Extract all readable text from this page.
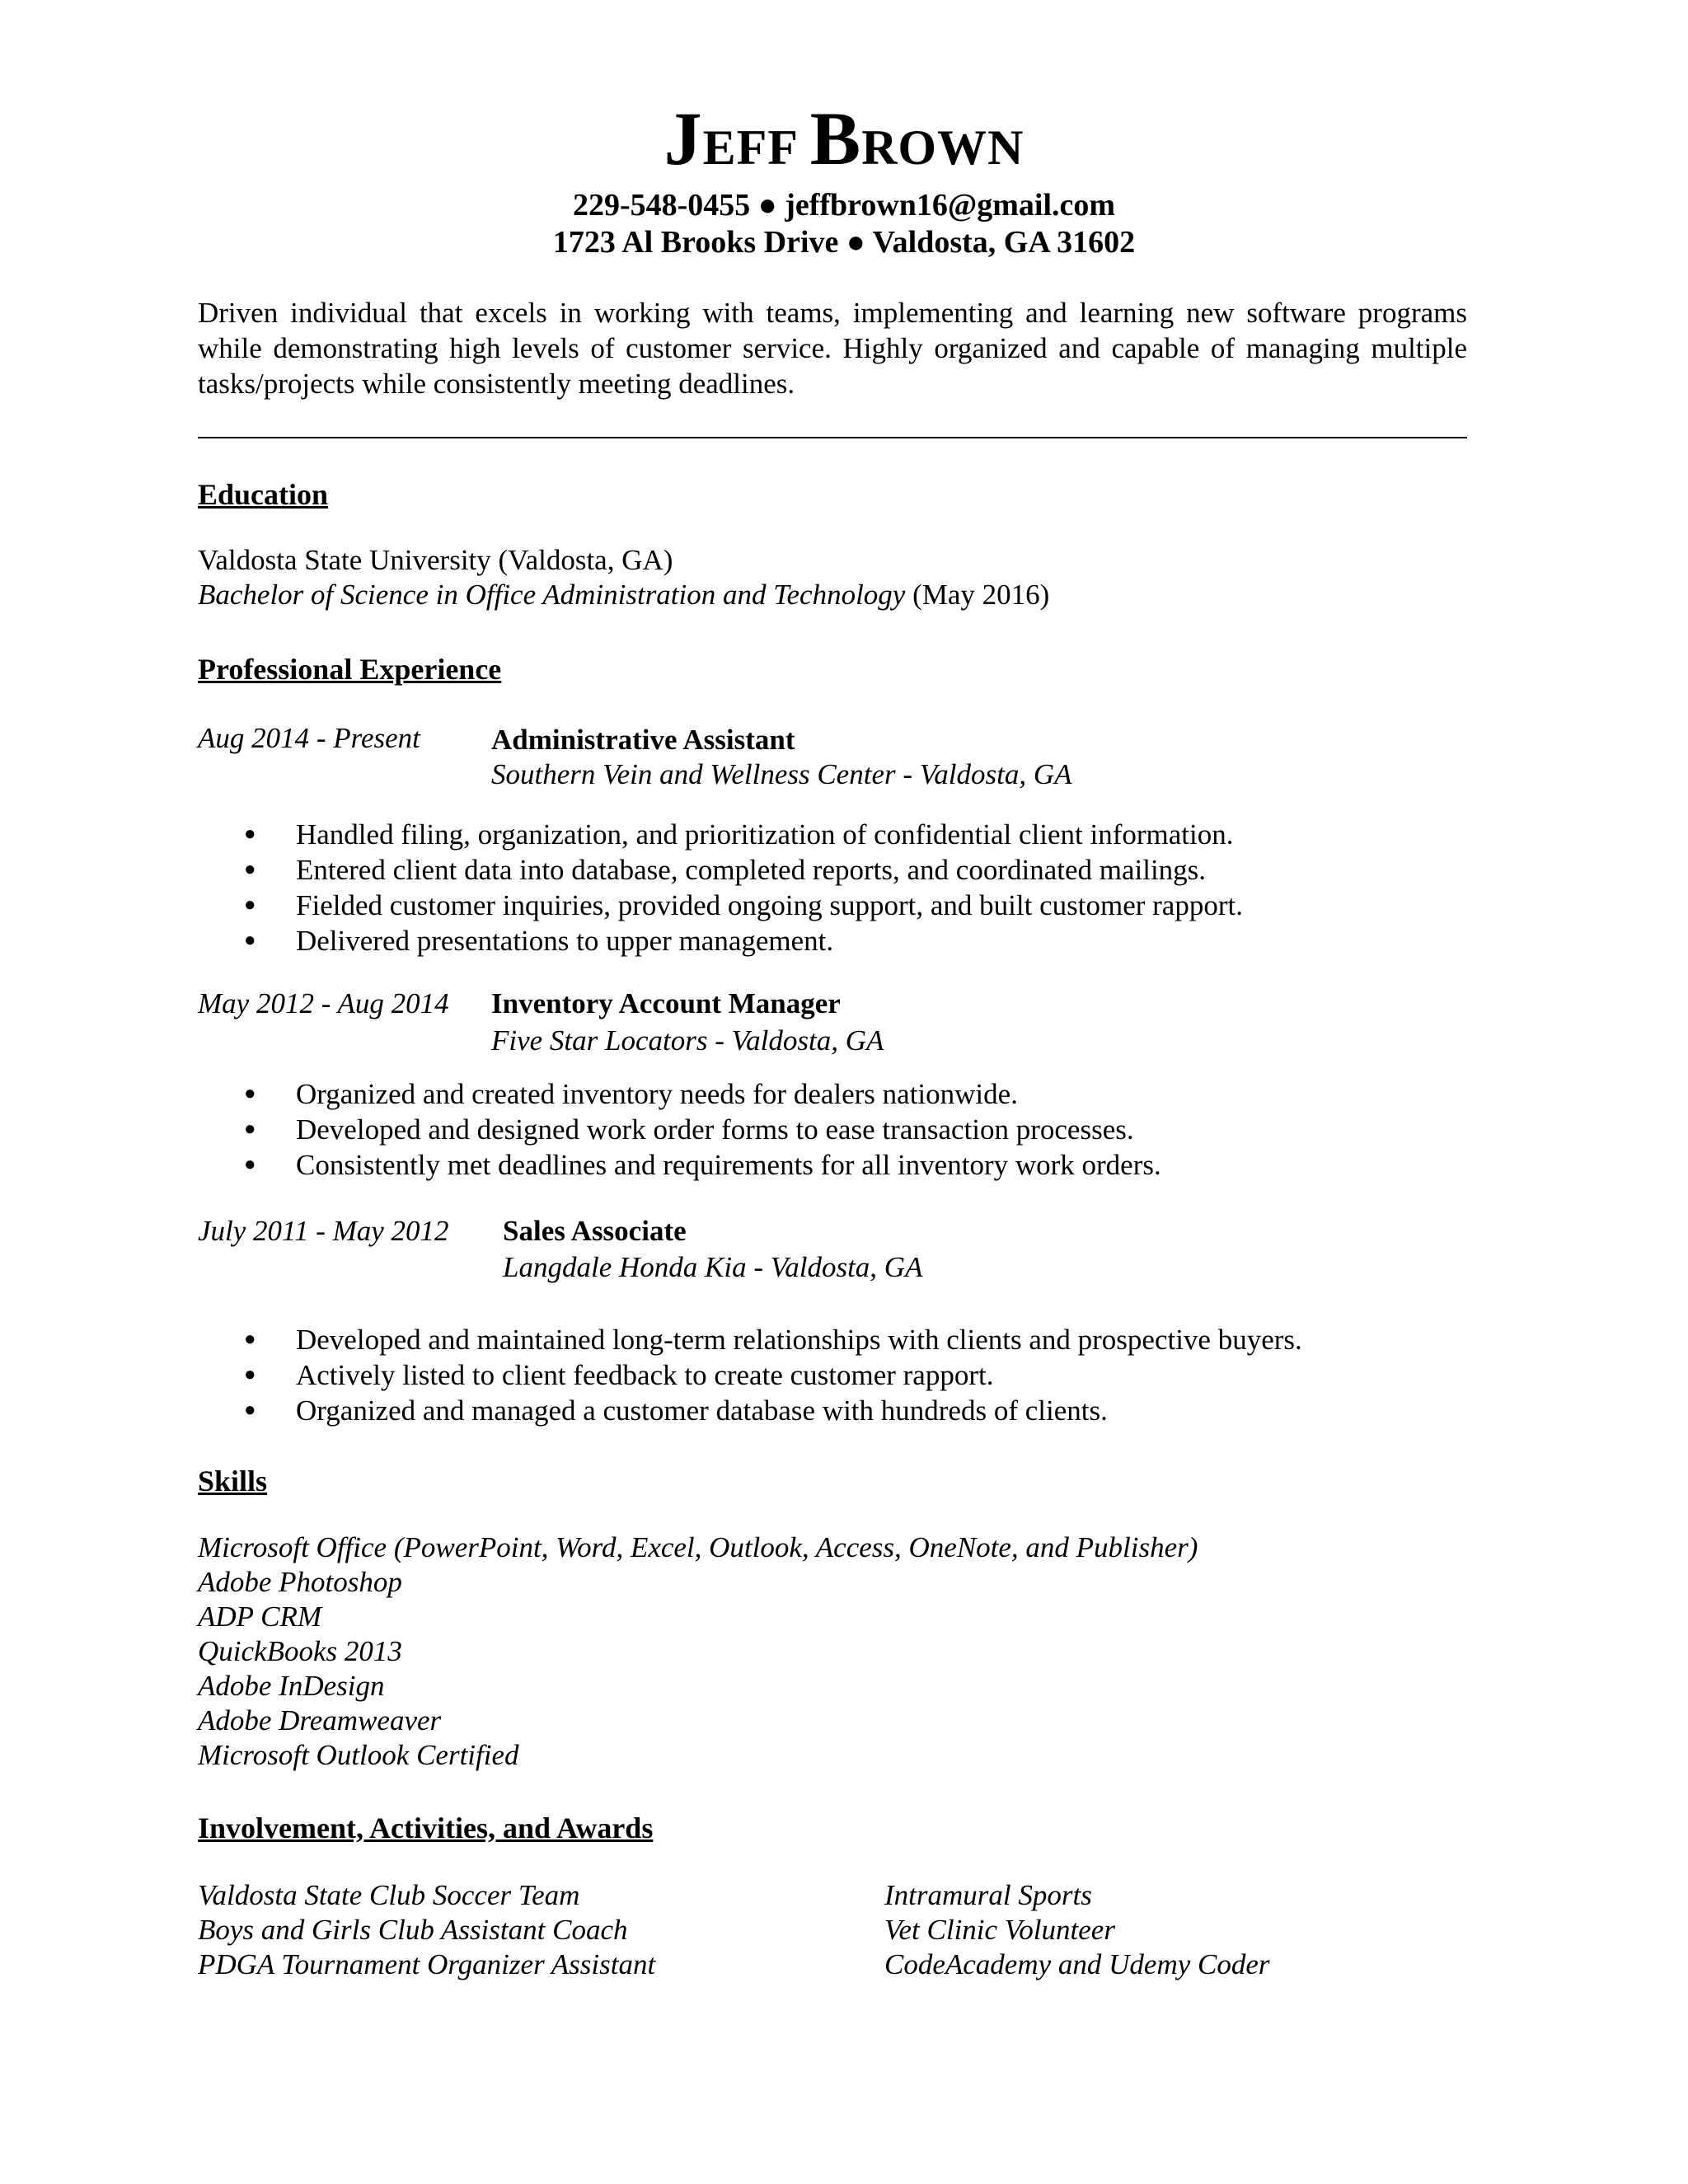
JEFF BROWN
229-548-0455 ● jeffbrown16@gmail.com
1723 Al Brooks Drive ● Valdosta, GA 31602
Driven individual that excels in working with teams, implementing and learning new software programs while demonstrating high levels of customer service. Highly organized and capable of managing multiple tasks/projects while consistently meeting deadlines.
Education
Valdosta State University (Valdosta, GA)
Bachelor of Science in Office Administration and Technology (May 2016)
Professional Experience
Aug 2014 - Present Administrative Assistant
Southern Vein and Wellness Center - Valdosta, GA
● Handled filing, organization, and prioritization of confidential client information.
● Entered client data into database, completed reports, and coordinated mailings.
● Fielded customer inquiries, provided ongoing support, and built customer rapport.
● Delivered presentations to upper management.
May 2012 - Aug 2014 Inventory Account Manager
Five Star Locators - Valdosta, GA
● Organized and created inventory needs for dealers nationwide.
● Developed and designed work order forms to ease transaction processes.
● Consistently met deadlines and requirements for all inventory work orders.
July 2011 - May 2012 Sales Associate
Langdale Honda Kia - Valdosta, GA
● Developed and maintained long-term relationships with clients and prospective buyers.
● Actively listed to client feedback to create customer rapport.
● Organized and managed a customer database with hundreds of clients.
Skills
Microsoft Office (PowerPoint, Word, Excel, Outlook, Access, OneNote, and Publisher)
Adobe Photoshop
ADP CRM
QuickBooks 2013
Adobe InDesign
Adobe Dreamweaver
Microsoft Outlook Certified
Involvement, Activities, and Awards
Valdosta State Club Soccer Team
Boys and Girls Club Assistant Coach
PDGA Tournament Organizer Assistant
Intramural Sports
Vet Clinic Volunteer
CodeAcademy and Udemy Coder
